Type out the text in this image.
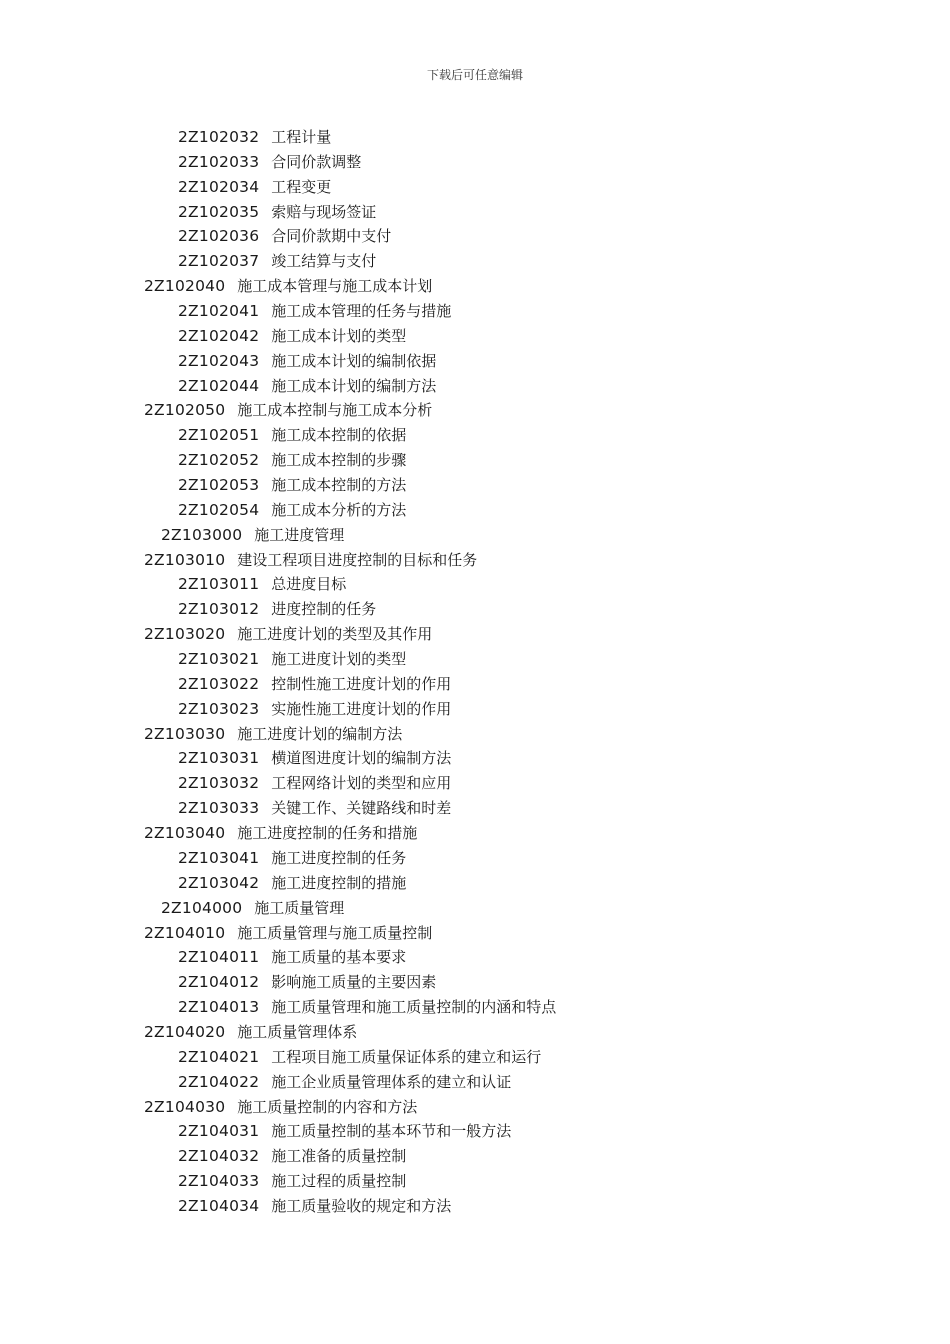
下载后可任意编辑
2Z102032 工程计量
2Z102033 合同价款调整
2Z102034 工程变更
2Z102035 索赔与现场签证
2Z102036 合同价款期中支付
2Z102037 竣工结算与支付
2Z102040 施工成本管理与施工成本计划
2Z102041 施工成本管理的任务与措施
2Z102042 施工成本计划的类型
2Z102043 施工成本计划的编制依据
2Z102044 施工成本计划的编制方法
2Z102050 施工成本控制与施工成本分析
2Z102051 施工成本控制的依据
2Z102052 施工成本控制的步骤
2Z102053 施工成本控制的方法
2Z102054 施工成本分析的方法
2Z103000 施工进度管理
2Z103010 建设工程项目进度控制的目标和任务
2Z103011 总进度目标
2Z103012 进度控制的任务
2Z103020 施工进度计划的类型及其作用
2Z103021 施工进度计划的类型
2Z103022 控制性施工进度计划的作用
2Z103023 实施性施工进度计划的作用
2Z103030 施工进度计划的编制方法
2Z103031 横道图进度计划的编制方法
2Z103032 工程网络计划的类型和应用
2Z103033 关键工作、关键路线和时差
2Z103040 施工进度控制的任务和措施
2Z103041 施工进度控制的任务
2Z103042 施工进度控制的措施
2Z104000 施工质量管理
2Z104010 施工质量管理与施工质量控制
2Z104011 施工质量的基本要求
2Z104012 影响施工质量的主要因素
2Z104013 施工质量管理和施工质量控制的内涵和特点
2Z104020 施工质量管理体系
2Z104021 工程项目施工质量保证体系的建立和运行
2Z104022 施工企业质量管理体系的建立和认证
2Z104030 施工质量控制的内容和方法
2Z104031 施工质量控制的基本环节和一般方法
2Z104032 施工准备的质量控制
2Z104033 施工过程的质量控制
2Z104034 施工质量验收的规定和方法
